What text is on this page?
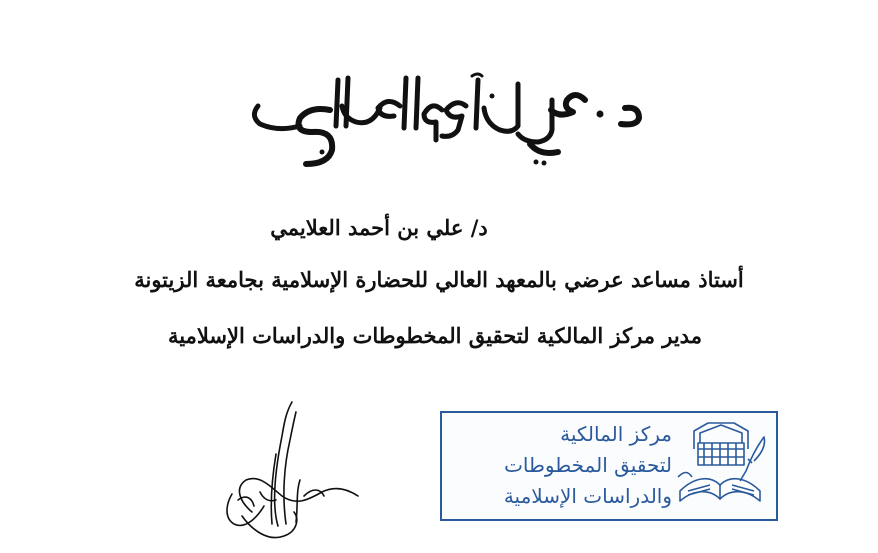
د/ علي بن أحمد العلايمي
أستاذ مساعد عرضي بالمعهد العالي للحضارة الإسلامية بجامعة الزيتونة
مدير مركز المالكية لتحقيق المخطوطات والدراسات الإسلامية
مركز المالكية
لتحقيق المخطوطات
والدراسات الإسلامية
